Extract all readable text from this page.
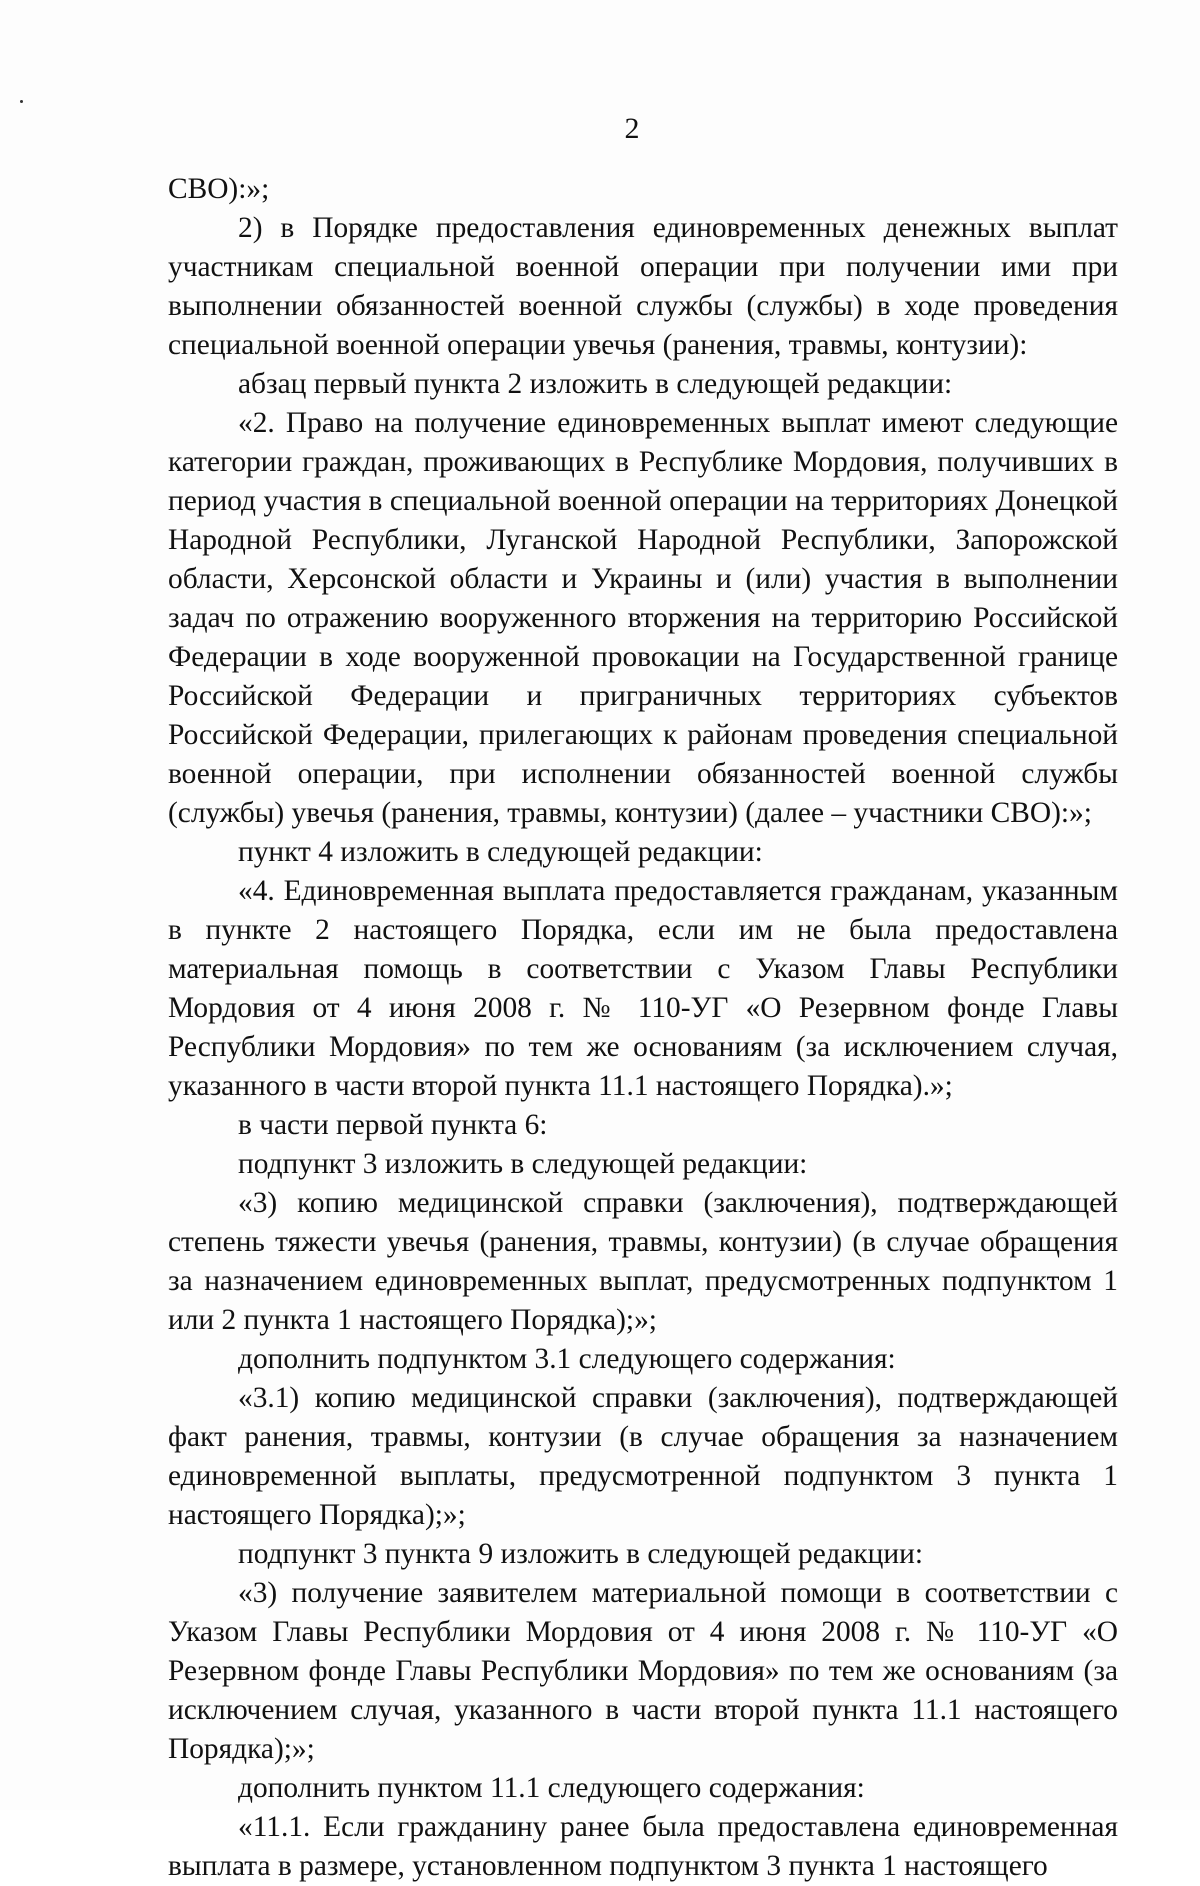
2

СВО):»;

2) в Порядке предоставления единовременных денежных выплат участникам специальной военной операции при получении ими при выполнении обязанностей военной службы (службы) в ходе проведения специальной военной операции увечья (ранения, травмы, контузии):

абзац первый пункта 2 изложить в следующей редакции:

«2. Право на получение единовременных выплат имеют следующие категории граждан, проживающих в Республике Мордовия, получивших в период участия в специальной военной операции на территориях Донецкой Народной Республики, Луганской Народной Республики, Запорожской области, Херсонской области и Украины и (или) участия в выполнении задач по отражению вооруженного вторжения на территорию Российской Федерации в ходе вооруженной провокации на Государственной границе Российской Федерации и приграничных территориях субъектов Российской Федерации, прилегающих к районам проведения специальной военной операции, при исполнении обязанностей военной службы (службы) увечья (ранения, травмы, контузии) (далее – участники СВО):»;

пункт 4 изложить в следующей редакции:

«4. Единовременная выплата предоставляется гражданам, указанным в пункте 2 настоящего Порядка, если им не была предоставлена материальная помощь в соответствии с Указом Главы Республики Мордовия от 4 июня 2008 г. № 110-УГ «О Резервном фонде Главы Республики Мордовия» по тем же основаниям (за исключением случая, указанного в части второй пункта 11.1 настоящего Порядка).»;

в части первой пункта 6:

подпункт 3 изложить в следующей редакции:

«3) копию медицинской справки (заключения), подтверждающей степень тяжести увечья (ранения, травмы, контузии) (в случае обращения за назначением единовременных выплат, предусмотренных подпунктом 1 или 2 пункта 1 настоящего Порядка);»;

дополнить подпунктом 3.1 следующего содержания:

«3.1) копию медицинской справки (заключения), подтверждающей факт ранения, травмы, контузии (в случае обращения за назначением единовременной выплаты, предусмотренной подпунктом 3 пункта 1 настоящего Порядка);»;

подпункт 3 пункта 9 изложить в следующей редакции:

«3) получение заявителем материальной помощи в соответствии с Указом Главы Республики Мордовия от 4 июня 2008 г. № 110-УГ «О Резервном фонде Главы Республики Мордовия» по тем же основаниям (за исключением случая, указанного в части второй пункта 11.1 настоящего Порядка);»;

дополнить пунктом 11.1 следующего содержания:

«11.1. Если гражданину ранее была предоставлена единовременная выплата в размере, установленном подпунктом 3 пункта 1 настоящего
